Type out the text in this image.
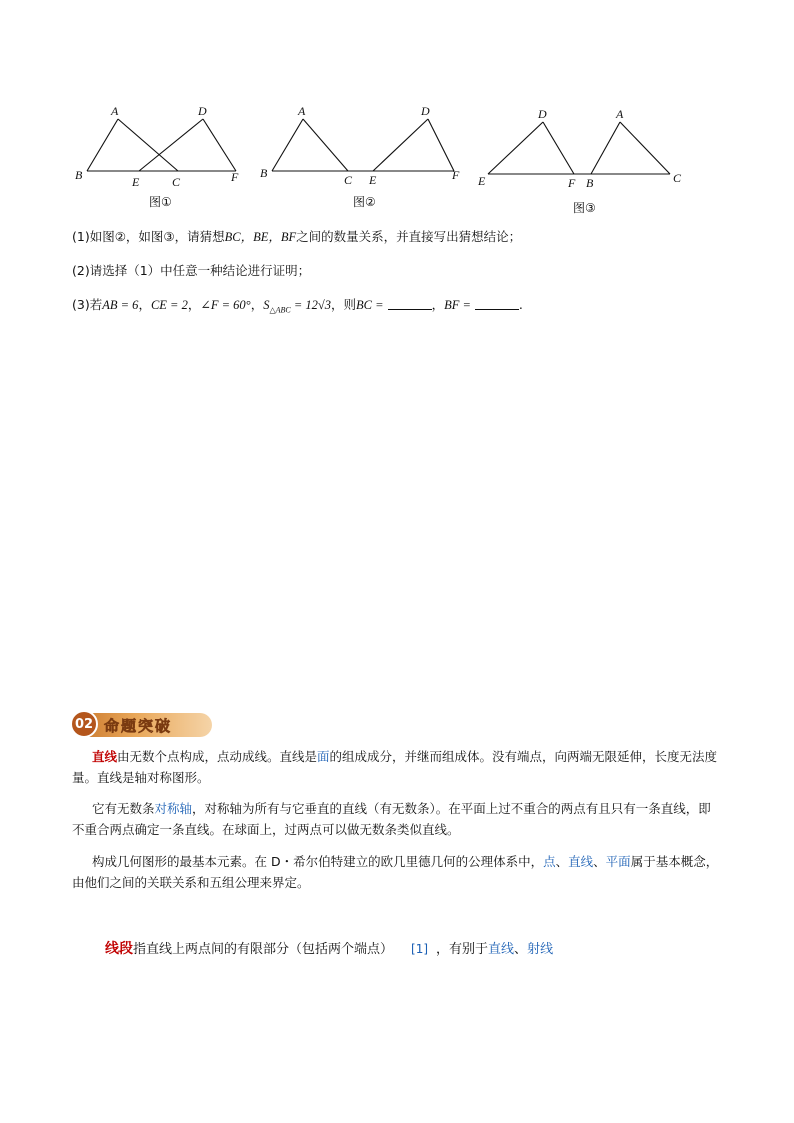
A
B	C
D
E	F
图①
A
B	C
D
E	F
图②
D	A
E	F B	C
图③
(1)如图②，如图③，请猜想BC，BE，BF之间的数量关系，并直接写出猜想结论；
(2)请选择（1）中任意一种结论进行证明；
(3)若AB = 6，CE = 2，∠F = 60°，$S_{\triangle ABC} = 12√3$，则BC =	，BF =	.
02 命题突破
直线由无数个点构成，点动成线。直线是面的组成成分，并继而组成体。没有端点，向两端无限延伸，长度无法度量。直线是轴对称图形。
它有无数条对称轴，对称轴为所有与它垂直的直线（有无数条）。在平面上过不重合的两点有且只有一条直线，即不重合两点确定一条直线。在球面上，过两点可以做无数条类似直线。
构成几何图形的最基本元素。在 D・希尔伯特建立的欧几里德几何的公理体系中，点、直线、平面属于基本概念，由他们之间的关联关系和五组公理来界定。
线段指直线上两点间的有限部分（包括两个端点） [1] ，有别于直线、射线
